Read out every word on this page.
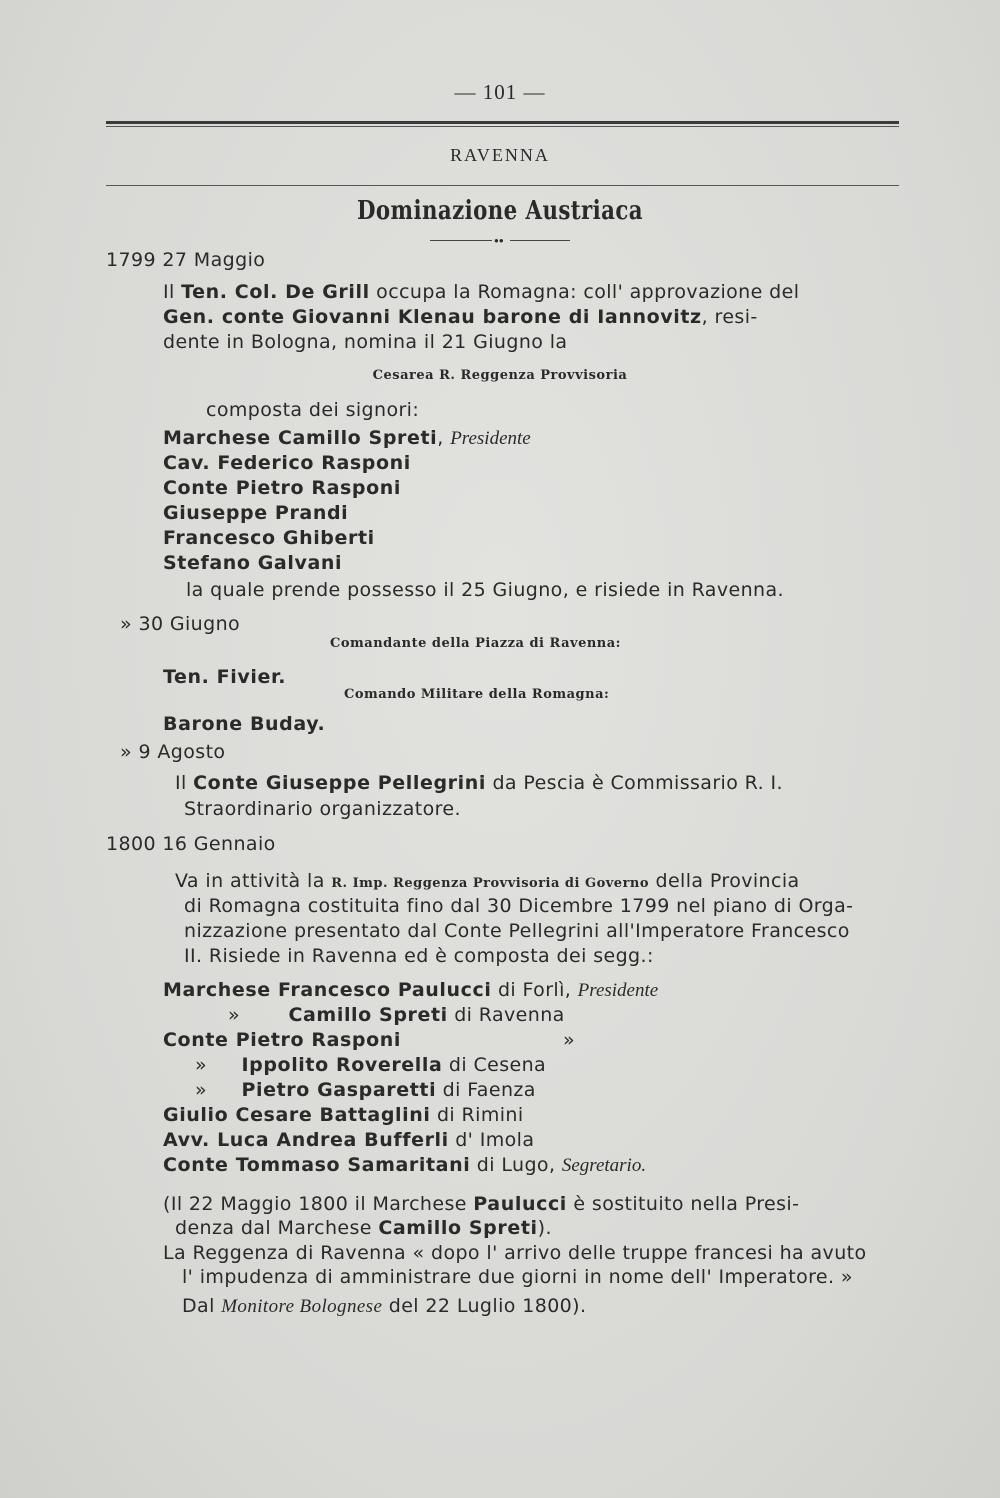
— 101 —
RAVENNA
Dominazione Austriaca
●●
1799 27 Maggio
Il Ten. Col. De Grill occupa la Romagna: coll' approvazione del
Gen. conte Giovanni Klenau barone di Iannovitz, resi-
dente in Bologna, nomina il 21 Giugno la
Cesarea R. Reggenza Provvisoria
composta dei signori:
Marchese Camillo Spreti, Presidente
Cav. Federico Rasponi
Conte Pietro Rasponi
Giuseppe Prandi
Francesco Ghiberti
Stefano Galvani
la quale prende possesso il 25 Giugno, e risiede in Ravenna.
» 30 Giugno
Comandante della Piazza di Ravenna:
Ten. Fivier.
Comando Militare della Romagna:
Barone Buday.
» 9 Agosto
Il Conte Giuseppe Pellegrini da Pescia è Commissario R. I.
Straordinario organizzatore.
1800 16 Gennaio
Va in attività la R. Imp. Reggenza Provvisoria di Governo della Provincia
di Romagna costituita fino dal 30 Dicembre 1799 nel piano di Orga-
nizzazione presentato dal Conte Pellegrini all'Imperatore Francesco
II. Risiede in Ravenna ed è composta dei segg.:
Marchese Francesco Paulucci di Forlì, Presidente
» Camillo Spreti di Ravenna
Conte Pietro Rasponi	»
» Ippolito Roverella di Cesena
» Pietro Gasparetti di Faenza
Giulio Cesare Battaglini di Rimini
Avv. Luca Andrea Bufferli d' Imola
Conte Tommaso Samaritani di Lugo, Segretario.
(Il 22 Maggio 1800 il Marchese Paulucci è sostituito nella Presi-
denza dal Marchese Camillo Spreti).
La Reggenza di Ravenna « dopo l' arrivo delle truppe francesi ha avuto
l' impudenza di amministrare due giorni in nome dell' Imperatore. »
Dal Monitore Bolognese del 22 Luglio 1800).
